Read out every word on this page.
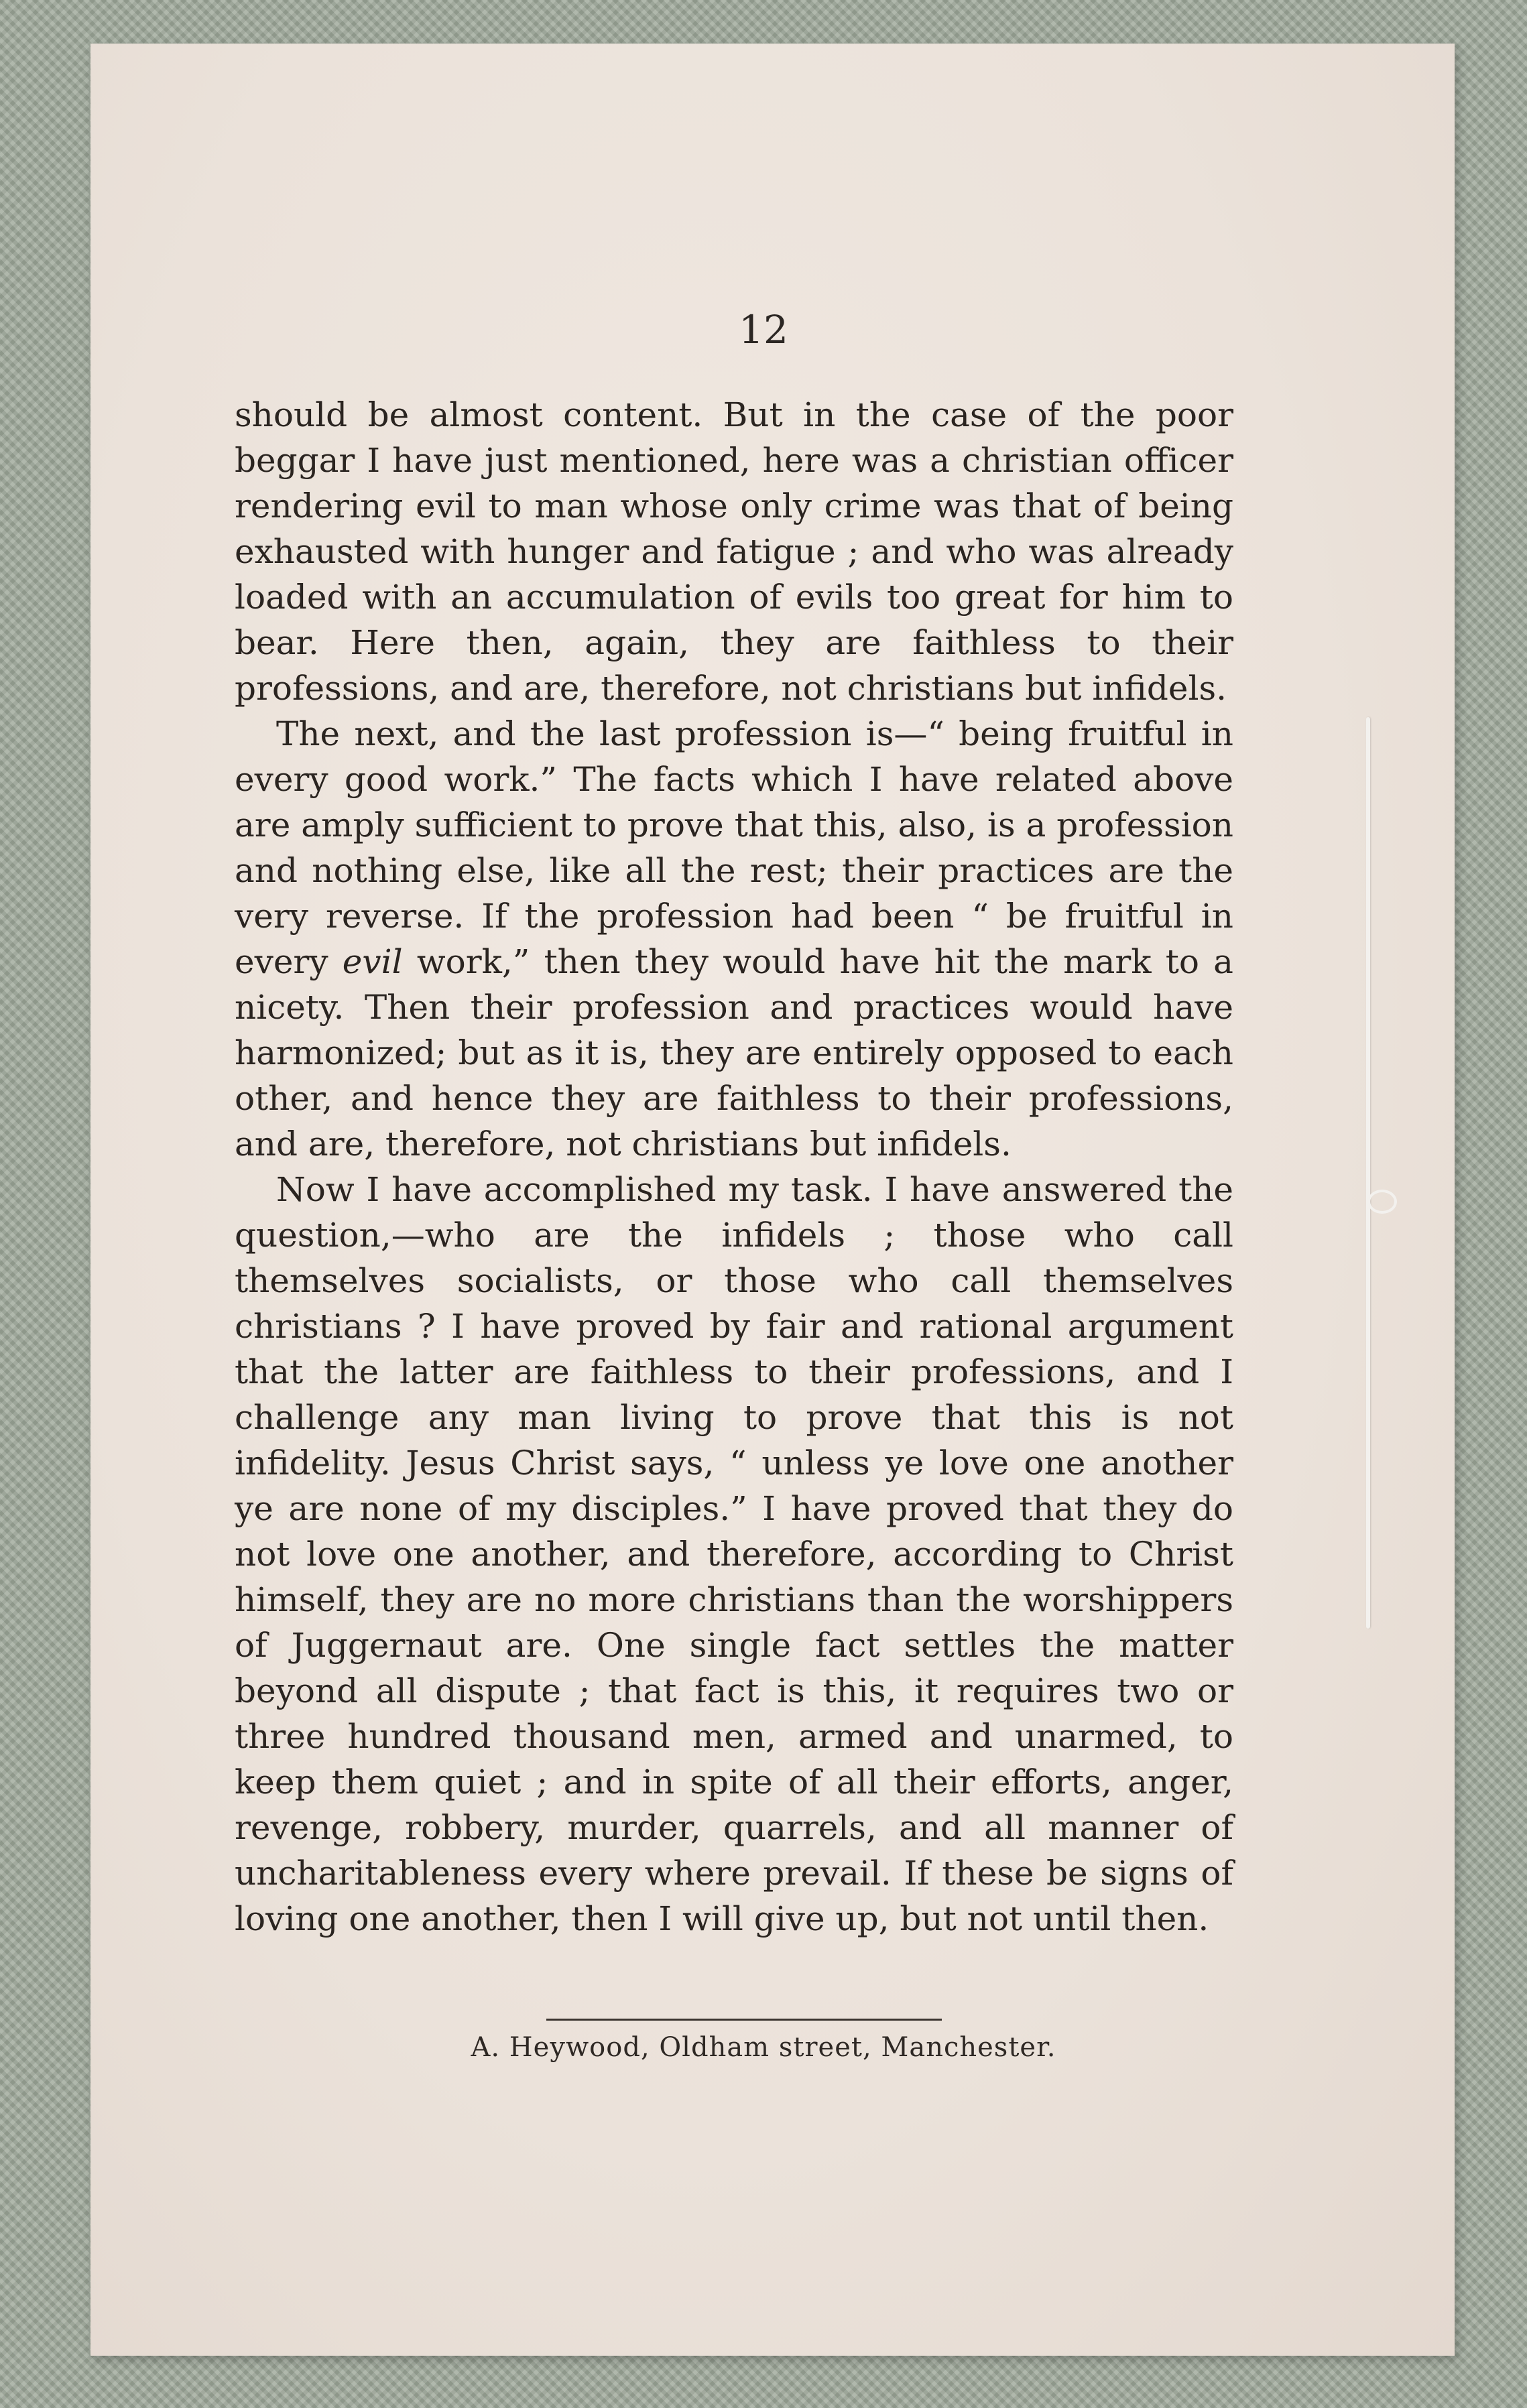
12

should be almost content. But in the case of the poor beggar I have just mentioned, here was a christian officer rendering evil to man whose only crime was that of being exhausted with hunger and fatigue ; and who was already loaded with an accumulation of evils too great for him to bear. Here then, again, they are faithless to their professions, and are, therefore, not christians but infidels.

The next, and the last profession is—“ being fruitful in every good work.” The facts which I have related above are amply sufficient to prove that this, also, is a profession and nothing else, like all the rest; their practices are the very reverse. If the profession had been “ be fruitful in every evil work,” then they would have hit the mark to a nicety. Then their profession and practices would have harmonized; but as it is, they are entirely opposed to each other, and hence they are faithless to their professions, and are, therefore, not christians but infidels.

Now I have accomplished my task. I have answered the question,—who are the infidels ; those who call themselves socialists, or those who call themselves christians ? I have proved by fair and rational argument that the latter are faithless to their professions, and I challenge any man living to prove that this is not infidelity. Jesus Christ says, “ unless ye love one another ye are none of my disciples.” I have proved that they do not love one another, and therefore, according to Christ himself, they are no more christians than the worshippers of Juggernaut are. One single fact settles the matter beyond all dispute ; that fact is this, it requires two or three hundred thousand men, armed and unarmed, to keep them quiet ; and in spite of all their efforts, anger, revenge, robbery, murder, quarrels, and all manner of uncharitableness every where prevail. If these be signs of loving one another, then I will give up, but not until then.

A. Heywood, Oldham street, Manchester.
